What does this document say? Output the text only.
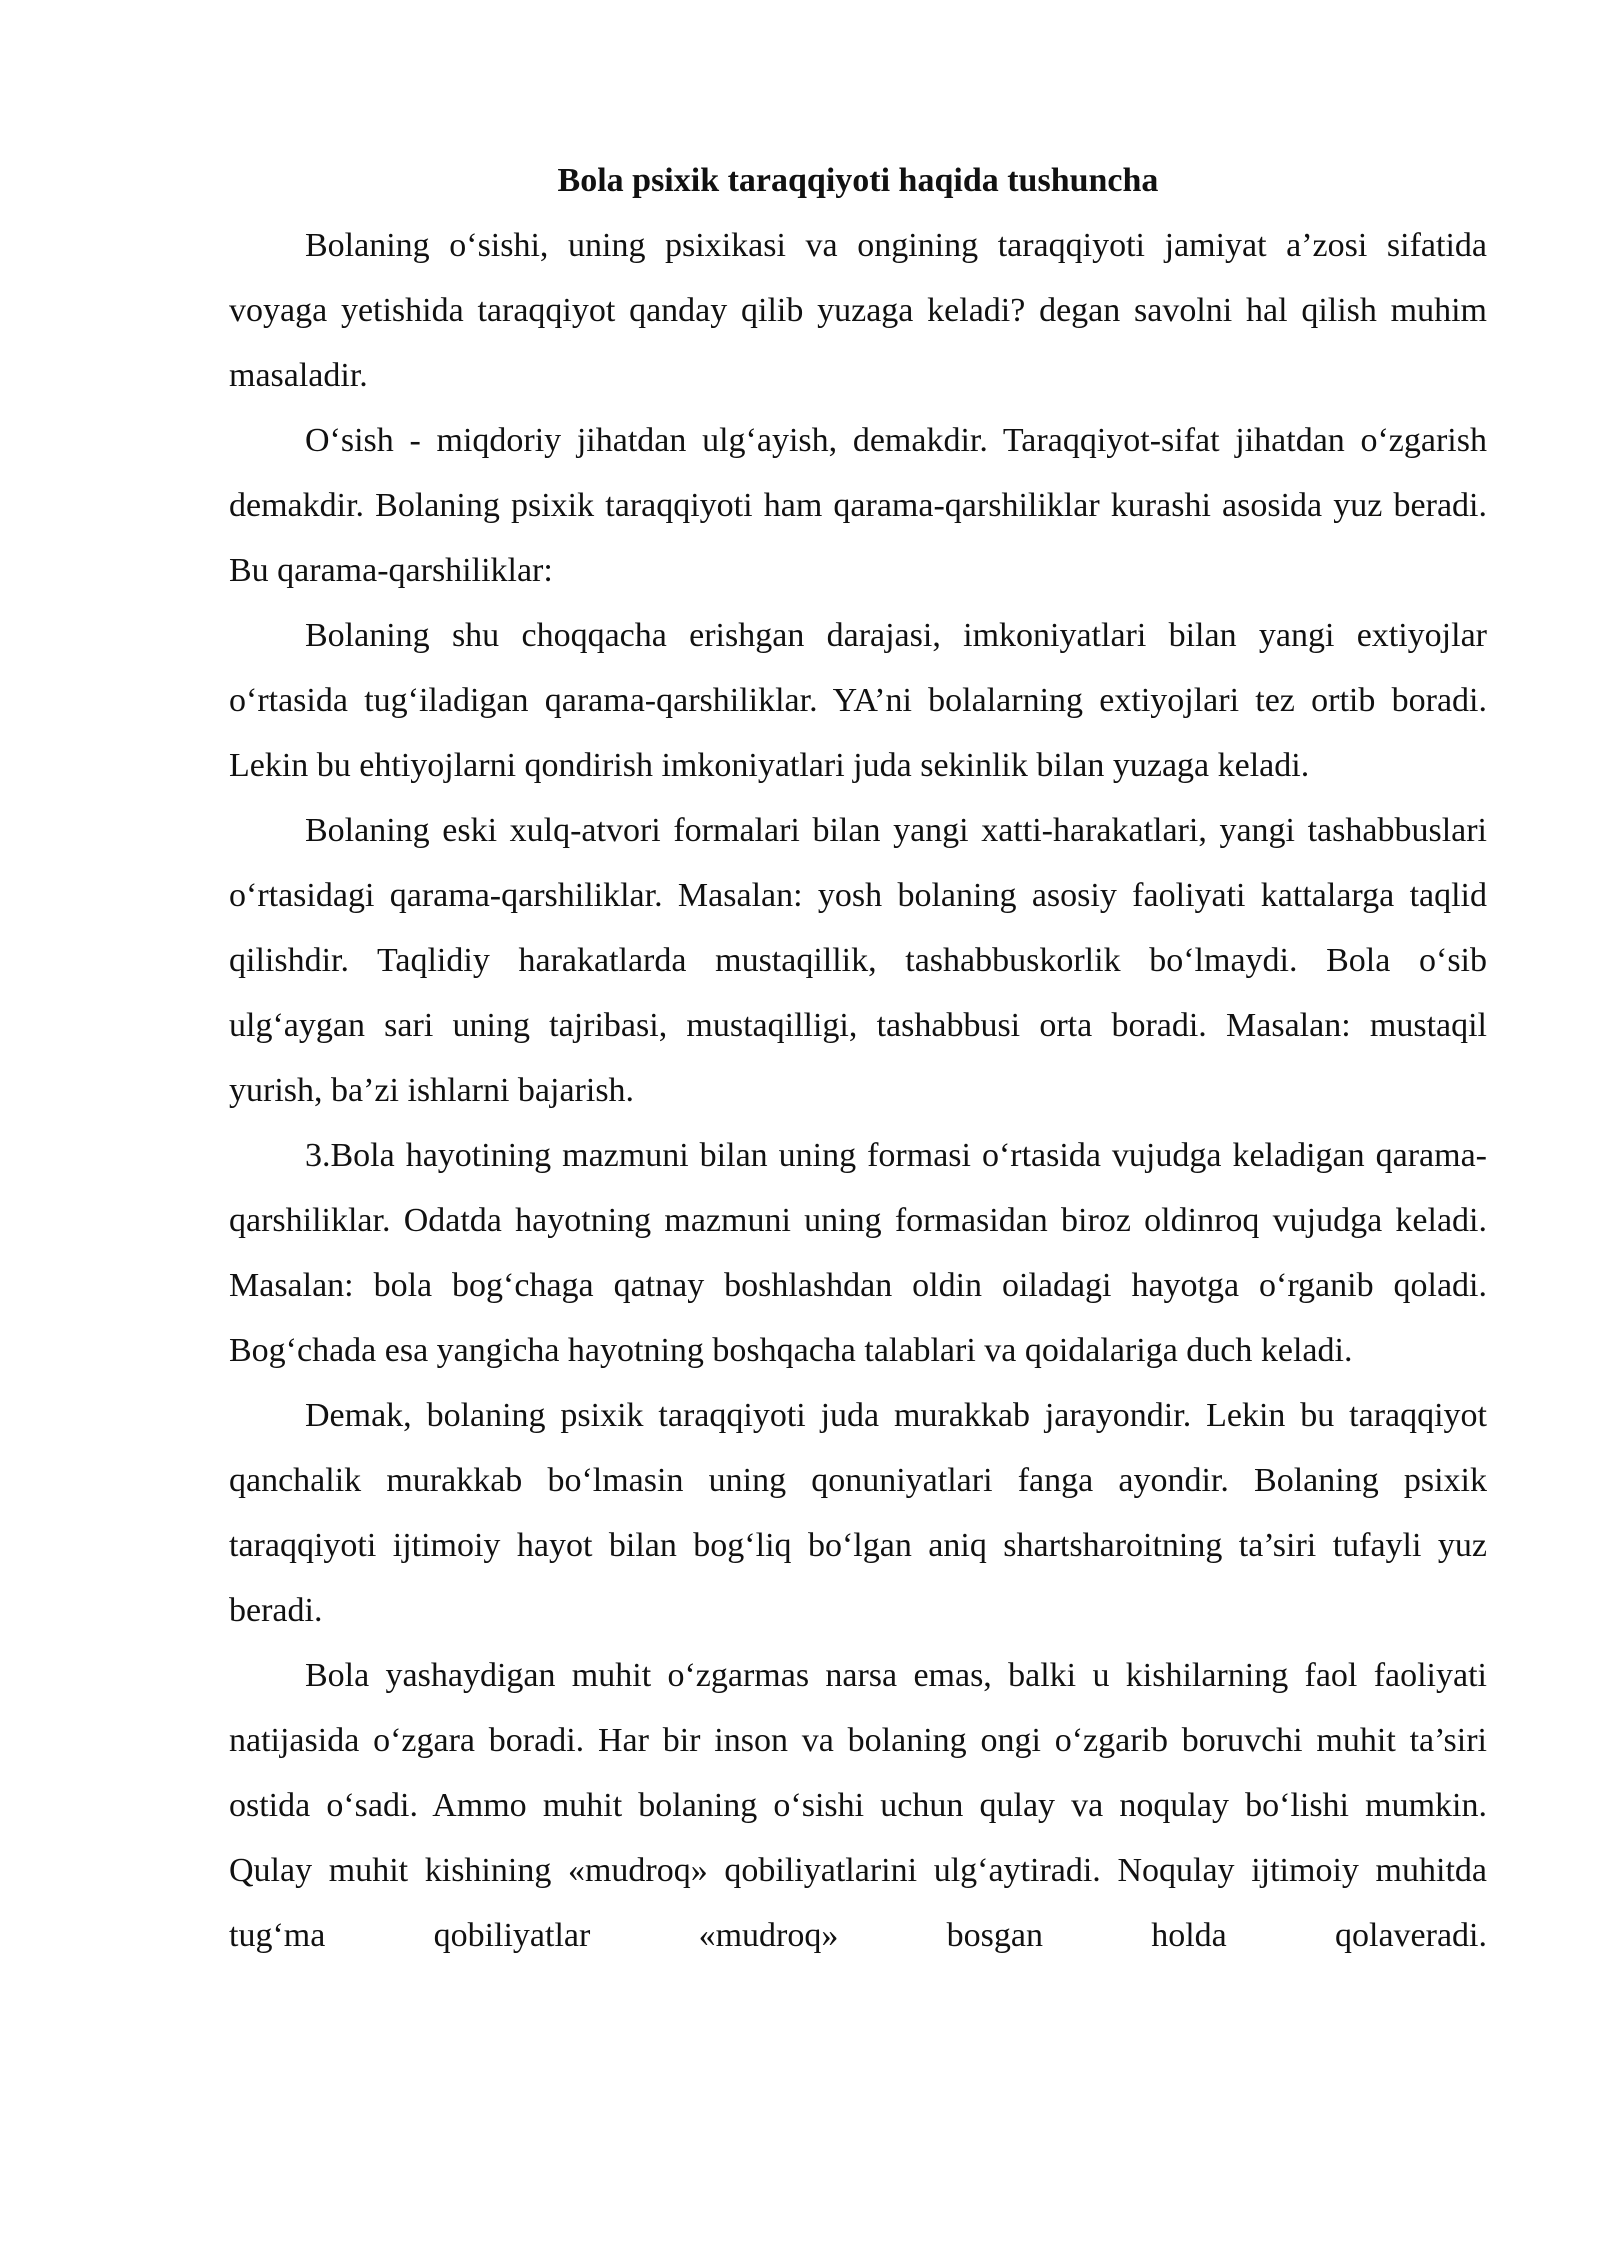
Bola psixik taraqqiyoti haqida tushuncha

Bolaning o‘sishi, uning psixikasi va ongining taraqqiyoti jamiyat a’zosi sifatida voyaga yetishida taraqqiyot qanday qilib yuzaga keladi? degan savolni hal qilish muhim masaladir.

O‘sish - miqdoriy jihatdan ulg‘ayish, demakdir. Taraqqiyot-sifat jihatdan o‘zgarish demakdir. Bolaning psixik taraqqiyoti ham qarama-qarshiliklar kurashi asosida yuz beradi. Bu qarama-qarshiliklar:

Bolaning shu choqqacha erishgan darajasi, imkoniyatlari bilan yangi extiyojlar o‘rtasida tug‘iladigan qarama-qarshiliklar. YA’ni bolalarning extiyojlari tez ortib boradi. Lekin bu ehtiyojlarni qondirish imkoniyatlari juda sekinlik bilan yuzaga keladi.

Bolaning eski xulq-atvori formalari bilan yangi xatti-harakatlari, yangi tashabbuslari o‘rtasidagi qarama-qarshiliklar. Masalan: yosh bolaning asosiy faoliyati kattalarga taqlid qilishdir. Taqlidiy harakatlarda mustaqillik, tashabbuskorlik bo‘lmaydi. Bola o‘sib ulg‘aygan sari uning tajribasi, mustaqilligi, tashabbusi orta boradi. Masalan: mustaqil yurish, ba’zi ishlarni bajarish.

3.Bola hayotining mazmuni bilan uning formasi o‘rtasida vujudga keladigan qarama-qarshiliklar. Odatda hayotning mazmuni uning formasidan biroz oldinroq vujudga keladi. Masalan: bola bog‘chaga qatnay boshlashdan oldin oiladagi hayotga o‘rganib qoladi. Bog‘chada esa yangicha hayotning boshqacha talablari va qoidalariga duch keladi.

Demak, bolaning psixik taraqqiyoti juda murakkab jarayondir. Lekin bu taraqqiyot qanchalik murakkab bo‘lmasin uning qonuniyatlari fanga ayondir. Bolaning psixik taraqqiyoti ijtimoiy hayot bilan bog‘liq bo‘lgan aniq shartsharoitning ta’siri tufayli yuz beradi.

Bola yashaydigan muhit o‘zgarmas narsa emas, balki u kishilarning faol faoliyati natijasida o‘zgara boradi. Har bir inson va bolaning ongi o‘zgarib boruvchi muhit ta’siri ostida o‘sadi. Ammo muhit bolaning o‘sishi uchun qulay va noqulay bo‘lishi mumkin. Qulay muhit kishining «mudroq» qobiliyatlarini ulg‘aytiradi. Noqulay ijtimoiy muhitda tug‘ma qobiliyatlar «mudroq» bosgan holda qolaveradi.
